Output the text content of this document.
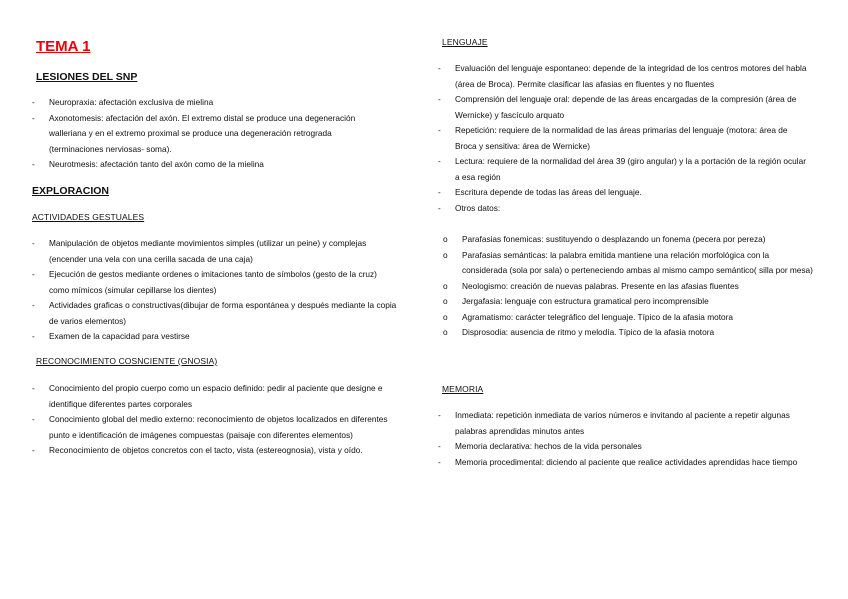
TEMA 1
LESIONES DEL SNP
- Neuropraxia: afectación exclusiva de mielina
- Axonotomesis: afectación del axón. El extremo distal se produce una degeneración walleriana y en el extremo proximal se produce una degeneración retrograda (terminaciones nerviosas- soma).
- Neurotmesis: afectación tanto del axón como de la mielina
EXPLORACION
ACTIVIDADES GESTUALES
- Manipulación de objetos mediante movimientos simples (utilizar un peine) y complejas (encender una vela con una cerilla sacada de una caja)
- Ejecución de gestos mediante ordenes o imitaciones tanto de símbolos (gesto de la cruz) como mímicos (simular cepillarse los dientes)
- Actividades graficas o constructivas(dibujar de forma espontánea y después mediante la copia de varios elementos)
- Examen de la capacidad para vestirse
RECONOCIMIENTO COSNCIENTE (GNOSIA)
- Conocimiento del propio cuerpo como un espacio definido: pedir al paciente que designe e identifique diferentes partes corporales
- Conocimiento global del medio externo: reconocimiento de objetos localizados en diferentes punto e identificación de imágenes compuestas (paisaje con diferentes elementos)
- Reconocimiento de objetos concretos con el tacto, vista (estereognosia), vista y oído.
LENGUAJE
- Evaluación del lenguaje espontaneo: depende de la integridad de los centros motores del habla (área de Broca). Permite clasificar las afasias en fluentes y no fluentes
- Comprensión del lenguaje oral: depende de las áreas encargadas de la compresión (área de Wernicke) y fascículo arquato
- Repetición: requiere de la normalidad de las áreas primarias del lenguaje (motora: área de Broca y sensitiva: área de Wernicke)
- Lectura: requiere de la normalidad del área 39 (giro angular) y la a portación de la región ocular a esa región
- Escritura depende de todas las áreas del lenguaje.
- Otros datos:
o Parafasias fonemicas: sustituyendo o desplazando un fonema (pecera por pereza)
o Parafasias semánticas: la palabra emitida mantiene una relación morfológica con la considerada (sola por sala) o perteneciendo ambas al mismo campo semántico( silla por mesa)
o Neologismo: creación de nuevas palabras. Presente en las afasias fluentes
o Jergafasia: lenguaje con estructura gramatical pero incomprensible
o Agramatismo: carácter telegráfico del lenguaje. Típico de la afasia motora
o Disprosodia: ausencia de ritmo y melodía. Típico de la afasia motora
MEMORIA
- Inmediata: repetición inmediata de varios números e invitando al paciente a repetir algunas palabras aprendidas minutos antes
- Memoria declarativa: hechos de la vida personales
- Memoria procedimental: diciendo al paciente que realice actividades aprendidas hace tiempo
